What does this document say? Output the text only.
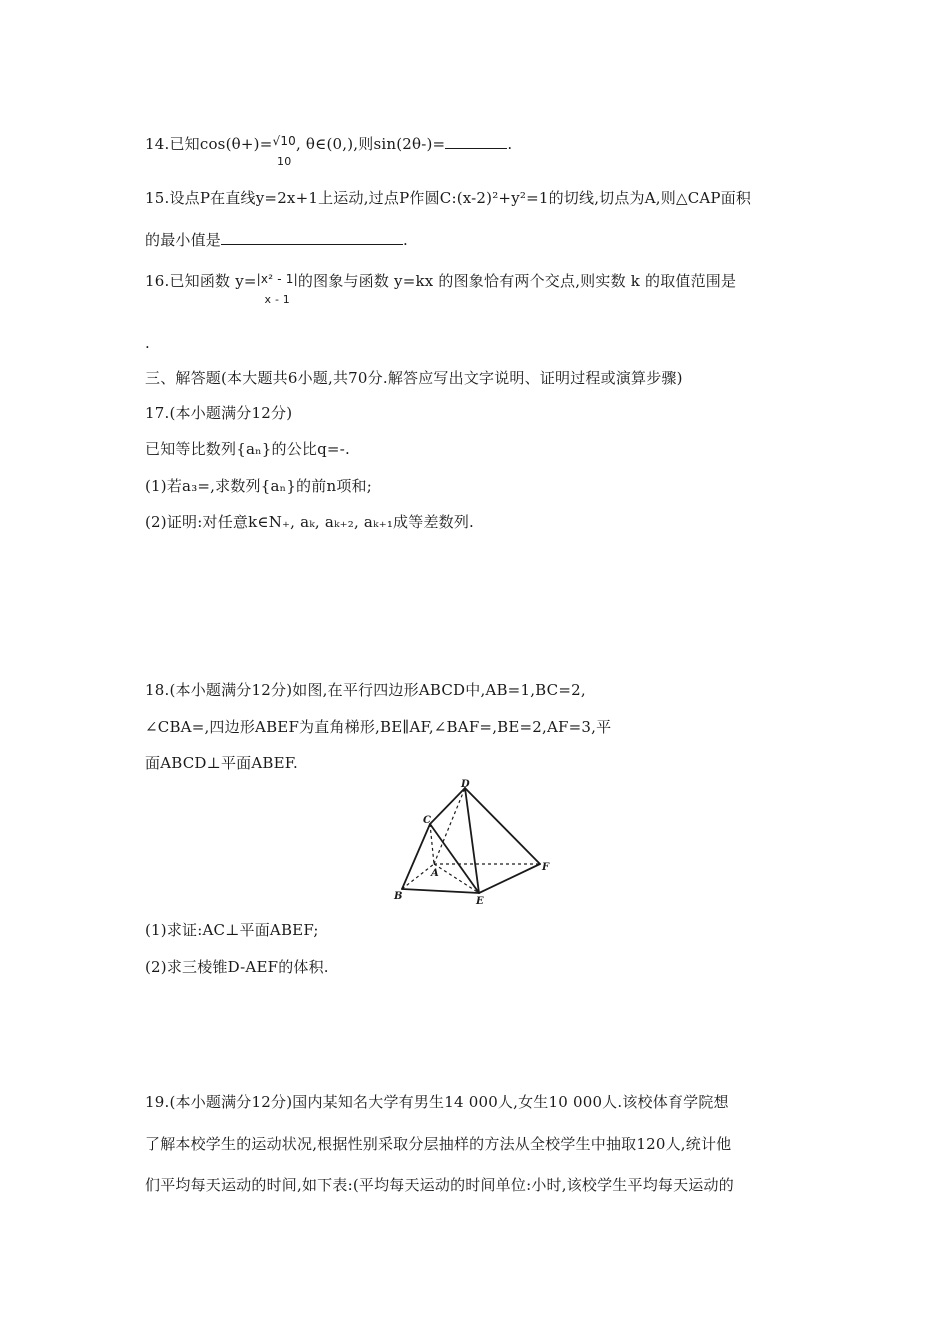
14.已知cos(θ+)= √10
10
, θ∈(0,),则sin(2θ-)=	.
15.设点P在直线y=2x+1上运动,过点P作圆C:(x-2)²+y²=1的切线,切点为A,则△CAP面积
的最小值是	.
16.已知函数 y= |x² - 1|
x - 1
的图象与函数 y=kx 的图象恰有两个交点,则实数 k 的取值范围是
.
三、解答题(本大题共6小题,共70分.解答应写出文字说明、证明过程或演算步骤)
17.(本小题满分12分)
已知等比数列{aₙ}的公比q=-.
(1)若a₃=,求数列{aₙ}的前n项和;
(2)证明:对任意k∈N₊, aₖ, aₖ₊₂, aₖ₊₁成等差数列.
18.(本小题满分12分)如图,在平行四边形ABCD中,AB=1,BC=2,
∠CBA=,四边形ABEF为直角梯形,BE∥AF,∠BAF=,BE=2,AF=3,平
面ABCD⊥平面ABEF.
D
C
A
F
B	E
(1)求证:AC⊥平面ABEF;
(2)求三棱锥D-AEF的体积.
19.(本小题满分12分)国内某知名大学有男生14 000人,女生10 000人.该校体育学院想
了解本校学生的运动状况,根据性别采取分层抽样的方法从全校学生中抽取120人,统计他
们平均每天运动的时间,如下表:(平均每天运动的时间单位:小时,该校学生平均每天运动的
